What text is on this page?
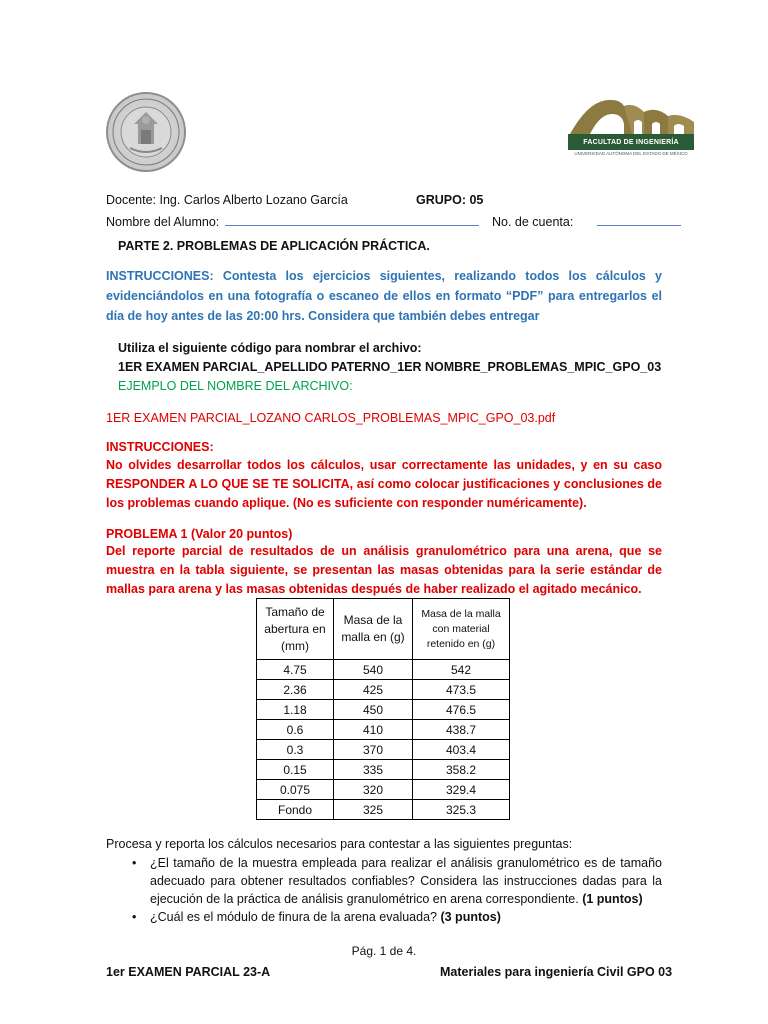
FACULTAD DE INGENIERÍA
UNIVERSIDAD AUTÓNOMA DEL ESTADO DE MÉXICO
Docente: Ing. Carlos Alberto Lozano García	GRUPO: 05
Nombre del Alumno:	No. de cuenta:
PARTE 2. PROBLEMAS DE APLICACIÓN PRÁCTICA.
INSTRUCCIONES: Contesta los ejercicios siguientes, realizando todos los cálculos y evidenciándolos en una fotografía o escaneo de ellos en formato “PDF” para entregarlos el día de hoy antes de las 20:00 hrs. Considera que también debes entregar
Utiliza el siguiente código para nombrar el archivo:
1ER EXAMEN PARCIAL_APELLIDO PATERNO_1ER NOMBRE_PROBLEMAS_MPIC_GPO_03
EJEMPLO DEL NOMBRE DEL ARCHIVO:
1ER EXAMEN PARCIAL_LOZANO CARLOS_PROBLEMAS_MPIC_GPO_03.pdf
INSTRUCCIONES:
No olvides desarrollar todos los cálculos, usar correctamente las unidades, y en su caso RESPONDER A LO QUE SE TE SOLICITA, así como colocar justificaciones y conclusiones de los problemas cuando aplique. (No es suficiente con responder numéricamente).
PROBLEMA 1 (Valor 20 puntos)
Del reporte parcial de resultados de un análisis granulométrico para una arena, que se muestra en la tabla siguiente, se presentan las masas obtenidas para la serie estándar de mallas para arena y las masas obtenidas después de haber realizado el agitado mecánico.
Tamaño de abertura en (mm)	Masa de la malla en (g)	Masa de la malla con material retenido en (g)
4.75	540	542
2.36	425	473.5
1.18	450	476.5
0.6	410	438.7
0.3	370	403.4
0.15	335	358.2
0.075	320	329.4
Fondo	325	325.3
Procesa y reporta los cálculos necesarios para contestar a las siguientes preguntas:
• ¿El tamaño de la muestra empleada para realizar el análisis granulométrico es de tamaño adecuado para obtener resultados confiables? Considera las instrucciones dadas para la ejecución de la práctica de análisis granulométrico en arena correspondiente. (1 puntos)
• ¿Cuál es el módulo de finura de la arena evaluada? (3 puntos)
Pág. 1 de 4.
1er EXAMEN PARCIAL 23-A	Materiales para ingeniería Civil GPO 03
